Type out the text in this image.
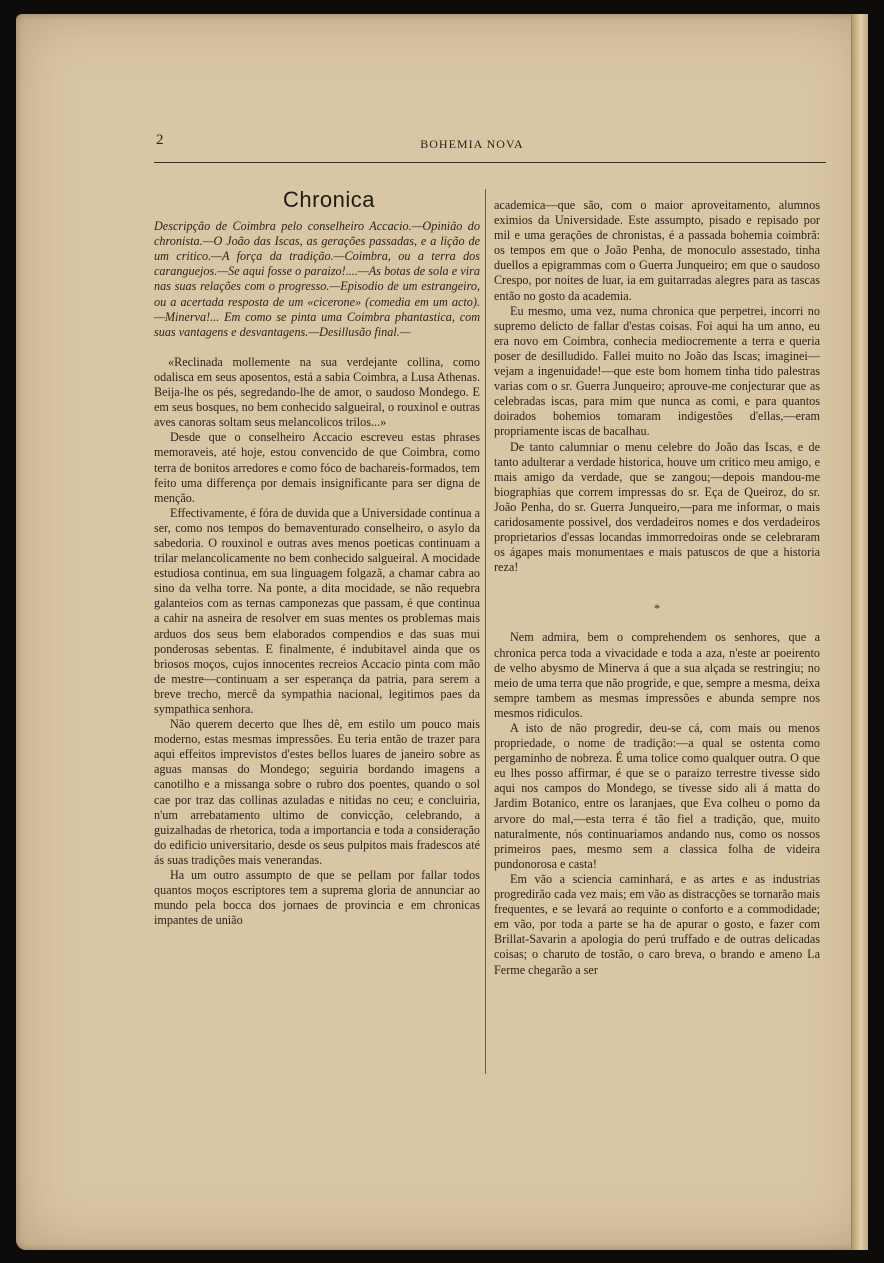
2	BOHEMIA NOVA
Chronica
Descripção de Coimbra pelo conselheiro Accacio.—Opinião do chronista.—O João das Iscas, as gerações passadas, e a lição de um critico.—A força da tradição.—Coimbra, ou a terra dos caranguejos.—Se aqui fosse o paraizo!....—As botas de sola e vira nas suas relações com o progresso.—Episodio de um estrangeiro, ou a acertada resposta de um «cicerone» (comedia em um acto).—Minerva!... Em como se pinta uma Coimbra phantastica, com suas vantagens e desvantagens.—Desillusão final.—

«Reclinada mollemente na sua verdejante collina, como odalisca em seus aposentos, está a sabia Coimbra, a Lusa Athenas. Beija-lhe os pés, segredando-lhe de amor, o saudoso Mondego. E em seus bosques, no bem conhecido salgueiral, o rouxinol e outras aves canoras soltam seus melancolicos trilos...»

Desde que o conselheiro Accacio escreveu estas phrases memoraveis, até hoje, estou convencido de que Coimbra, como terra de bonitos arredores e como fóco de bachareis-formados, tem feito uma differença por demais insignificante para ser digna de menção.

Effectivamente, é fóra de duvida que a Universidade continua a ser, como nos tempos do bemaventurado conselheiro, o asylo da sabedoria. O rouxinol e outras aves menos poeticas continuam a trilar melancolicamente no bem conhecido salgueiral. A mocidade estudiosa continua, em sua linguagem folgazã, a chamar cabra ao sino da velha torre. Na ponte, a dita mocidade, se não requebra galanteios com as ternas camponezas que passam, é que continua a cahir na asneira de resolver em suas mentes os problemas mais arduos dos seus bem elaborados compendios e das suas mui ponderosas sebentas. E finalmente, é indubitavel ainda que os briosos moços, cujos innocentes recreios Accacio pinta com mão de mestre—continuam a ser esperança da patria, para serem a breve trecho, mercê da sympathia nacional, legitimos paes da sympathica senhora.

Não querem decerto que lhes dê, em estilo um pouco mais moderno, estas mesmas impressões. Eu teria então de trazer para aqui effeitos imprevistos d'estes bellos luares de janeiro sobre as aguas mansas do Mondego; seguiria bordando imagens a canotilho e a missanga sobre o rubro dos poentes, quando o sol cae por traz das collinas azuladas e nitidas no ceu; e concluiria, n'um arrebatamento ultimo de convicção, celebrando, a guizalhadas de rhetorica, toda a importancia e toda a consideração do edificio universitario, desde os seus pulpitos mais fradescos até ás suas tradições mais venerandas.

Ha um outro assumpto de que se pellam por fallar todos quantos moços escriptores tem a suprema gloria de annunciar ao mundo pela bocca dos jornaes de provincia e em chronicas impantes de união

academica—que são, com o maior aproveitamento, alumnos eximios da Universidade. Este assumpto, pisado e repisado por mil e uma gerações de chronistas, é a passada bohemia coimbrã: os tempos em que o João Penha, de monoculo assestado, tinha duellos a epigrammas com o Guerra Junqueiro; em que o saudoso Crespo, por noites de luar, ia em guitarradas alegres para as tascas então no gosto da academia.

Eu mesmo, uma vez, numa chronica que perpetrei, incorri no supremo delicto de fallar d'estas coisas. Foi aqui ha um anno, eu era novo em Coimbra, conhecia mediocremente a terra e queria poser de desilludido. Fallei muito no João das Iscas; imaginei—vejam a ingenuidade!—que este bom homem tinha tido palestras varias com o sr. Guerra Junqueiro; aprouve-me conjecturar que as celebradas iscas, para mim que nunca as comi, e para quantos doirados bohemios tomaram indigestões d'ellas,—eram propriamente iscas de bacalhau.

De tanto calumniar o menu celebre do João das Iscas, e de tanto adulterar a verdade historica, houve um critico meu amigo, e mais amigo da verdade, que se zangou;—depois mandou-me biographias que correm impressas do sr. Eça de Queiroz, do sr. João Penha, do sr. Guerra Junqueiro,—para me informar, o mais caridosamente possivel, dos verdadeiros nomes e dos verdadeiros proprietarios d'essas locandas immorredoiras onde se celebraram os ágapes mais monumentaes e mais patuscos de que a historia reza!

*

Nem admira, bem o comprehendem os senhores, que a chronica perca toda a vivacidade e toda a aza, n'este ar poeirento de velho abysmo de Minerva á que a sua alçada se restringiu; no meio de uma terra que não progride, e que, sempre a mesma, deixa sempre tambem as mesmas impressões e abunda sempre nos mesmos ridiculos.

A isto de não progredir, deu-se cá, com mais ou menos propriedade, o nome de tradição:—a qual se ostenta como pergaminho de nobreza. É uma tolice como qualquer outra. O que eu lhes posso affirmar, é que se o paraizo terrestre tivesse sido aqui nos campos do Mondego, se tivesse sido ali á matta do Jardim Botanico, entre os laranjaes, que Eva colheu o pomo da arvore do mal,—esta terra é tão fiel a tradição, que, muito naturalmente, nós continuariamos andando nus, como os nossos primeiros paes, mesmo sem a classica folha de videira pundonorosa e casta!

Em vão a sciencia caminhará, e as artes e as industrias progredirão cada vez mais; em vão as distracções se tornarão mais frequentes, e se levará ao requinte o conforto e a commodidade; em vão, por toda a parte se ha de apurar o gosto, e fazer com Brillat-Savarin a apologia do perú truffado e de outras delicadas coisas; o charuto de tostão, o caro breva, o brando e ameno La Ferme chegarão a ser
